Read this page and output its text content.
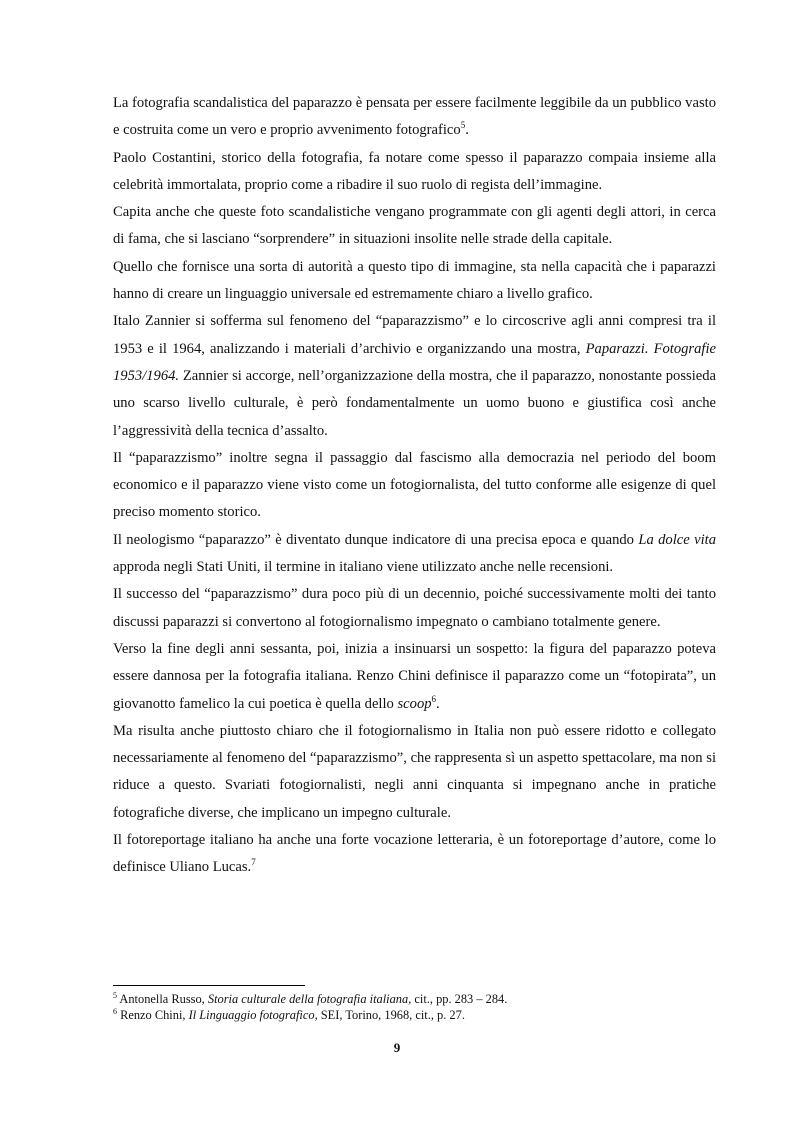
La fotografia scandalistica del paparazzo è pensata per essere facilmente leggibile da un pubblico vasto e costruita come un vero e proprio avvenimento fotografico$^5$.

Paolo Costantini, storico della fotografia, fa notare come spesso il paparazzo compaia insieme alla celebrità immortalata, proprio come a ribadire il suo ruolo di regista dell’immagine.

Capita anche che queste foto scandalistiche vengano programmate con gli agenti degli attori, in cerca di fama, che si lasciano “sorprendere” in situazioni insolite nelle strade della capitale.

Quello che fornisce una sorta di autorità a questo tipo di immagine, sta nella capacità che i paparazzi hanno di creare un linguaggio universale ed estremamente chiaro a livello grafico.

Italo Zannier si sofferma sul fenomeno del “paparazzismo” e lo circoscrive agli anni compresi tra il 1953 e il 1964, analizzando i materiali d’archivio e organizzando una mostra, Paparazzi. Fotografie 1953/1964. Zannier si accorge, nell’organizzazione della mostra, che il paparazzo, nonostante possieda uno scarso livello culturale, è però fondamentalmente un uomo buono e giustifica così anche l’aggressività della tecnica d’assalto.

Il “paparazzismo” inoltre segna il passaggio dal fascismo alla democrazia nel periodo del boom economico e il paparazzo viene visto come un fotogiornalista, del tutto conforme alle esigenze di quel preciso momento storico.

Il neologismo “paparazzo” è diventato dunque indicatore di una precisa epoca e quando La dolce vita approda negli Stati Uniti, il termine in italiano viene utilizzato anche nelle recensioni.

Il successo del “paparazzismo” dura poco più di un decennio, poiché successivamente molti dei tanto discussi paparazzi si convertono al fotogiornalismo impegnato o cambiano totalmente genere.

Verso la fine degli anni sessanta, poi, inizia a insinuarsi un sospetto: la figura del paparazzo poteva essere dannosa per la fotografia italiana. Renzo Chini definisce il paparazzo come un “fotopirata”, un giovanotto famelico la cui poetica è quella dello scoop$^6$.

Ma risulta anche piuttosto chiaro che il fotogiornalismo in Italia non può essere ridotto e collegato necessariamente al fenomeno del “paparazzismo”, che rappresenta sì un aspetto spettacolare, ma non si riduce a questo. Svariati fotogiornalisti, negli anni cinquanta si impegnano anche in pratiche fotografiche diverse, che implicano un impegno culturale.

Il fotoreportage italiano ha anche una forte vocazione letteraria, è un fotoreportage d’autore, come lo definisce Uliano Lucas.$^7$

$^5$ Antonella Russo, Storia culturale della fotografia italiana, cit., pp. 283 – 284.

$^6$ Renzo Chini, Il Linguaggio fotografico, SEI, Torino, 1968, cit., p. 27.

9
